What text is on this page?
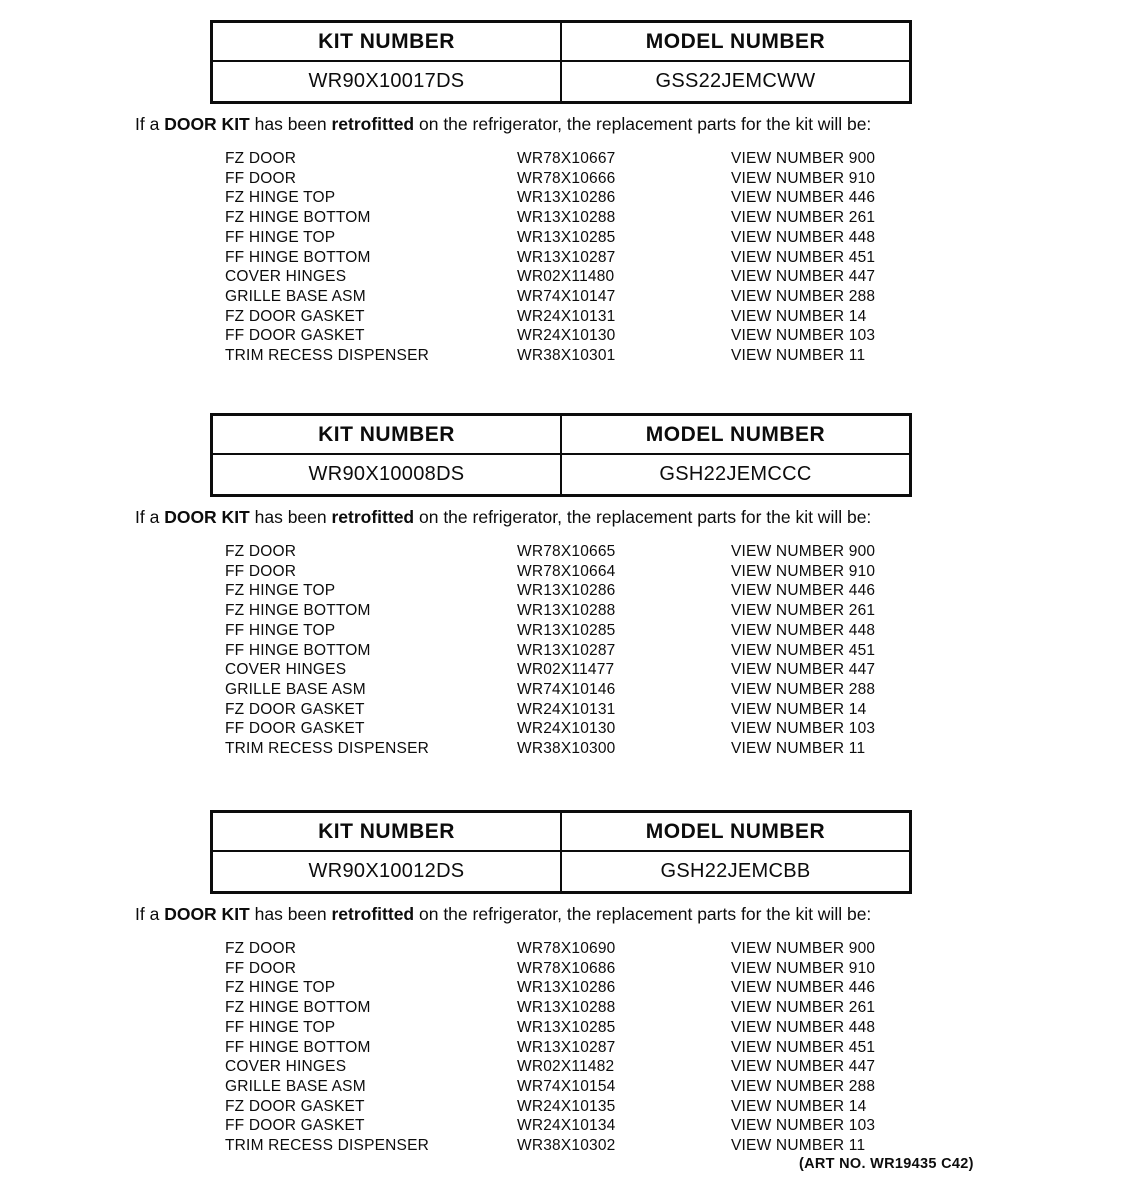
KIT NUMBER	MODEL NUMBER
WR90X10017DS	GSS22JEMCWW

If a DOOR KIT has been retrofitted on the refrigerator, the replacement parts for the kit will be:

FZ DOOR	WR78X10667	VIEW NUMBER 900
FF DOOR	WR78X10666	VIEW NUMBER 910
FZ HINGE TOP	WR13X10286	VIEW NUMBER 446
FZ HINGE BOTTOM	WR13X10288	VIEW NUMBER 261
FF HINGE TOP	WR13X10285	VIEW NUMBER 448
FF HINGE BOTTOM	WR13X10287	VIEW NUMBER 451
COVER HINGES	WR02X11480	VIEW NUMBER 447
GRILLE BASE ASM	WR74X10147	VIEW NUMBER 288
FZ DOOR GASKET	WR24X10131	VIEW NUMBER 14
FF DOOR GASKET	WR24X10130	VIEW NUMBER 103
TRIM RECESS DISPENSER	WR38X10301	VIEW NUMBER 11
KIT NUMBER	MODEL NUMBER
WR90X10008DS	GSH22JEMCCC

If a DOOR KIT has been retrofitted on the refrigerator, the replacement parts for the kit will be:

FZ DOOR	WR78X10665	VIEW NUMBER 900
FF DOOR	WR78X10664	VIEW NUMBER 910
FZ HINGE TOP	WR13X10286	VIEW NUMBER 446
FZ HINGE BOTTOM	WR13X10288	VIEW NUMBER 261
FF HINGE TOP	WR13X10285	VIEW NUMBER 448
FF HINGE BOTTOM	WR13X10287	VIEW NUMBER 451
COVER HINGES	WR02X11477	VIEW NUMBER 447
GRILLE BASE ASM	WR74X10146	VIEW NUMBER 288
FZ DOOR GASKET	WR24X10131	VIEW NUMBER 14
FF DOOR GASKET	WR24X10130	VIEW NUMBER 103
TRIM RECESS DISPENSER	WR38X10300	VIEW NUMBER 11
KIT NUMBER	MODEL NUMBER
WR90X10012DS	GSH22JEMCBB

If a DOOR KIT has been retrofitted on the refrigerator, the replacement parts for the kit will be:

FZ DOOR	WR78X10690	VIEW NUMBER 900
FF DOOR	WR78X10686	VIEW NUMBER 910
FZ HINGE TOP	WR13X10286	VIEW NUMBER 446
FZ HINGE BOTTOM	WR13X10288	VIEW NUMBER 261
FF HINGE TOP	WR13X10285	VIEW NUMBER 448
FF HINGE BOTTOM	WR13X10287	VIEW NUMBER 451
COVER HINGES	WR02X11482	VIEW NUMBER 447
GRILLE BASE ASM	WR74X10154	VIEW NUMBER 288
FZ DOOR GASKET	WR24X10135	VIEW NUMBER 14
FF DOOR GASKET	WR24X10134	VIEW NUMBER 103
TRIM RECESS DISPENSER	WR38X10302	VIEW NUMBER 11
(ART NO. WR19435 C42)
